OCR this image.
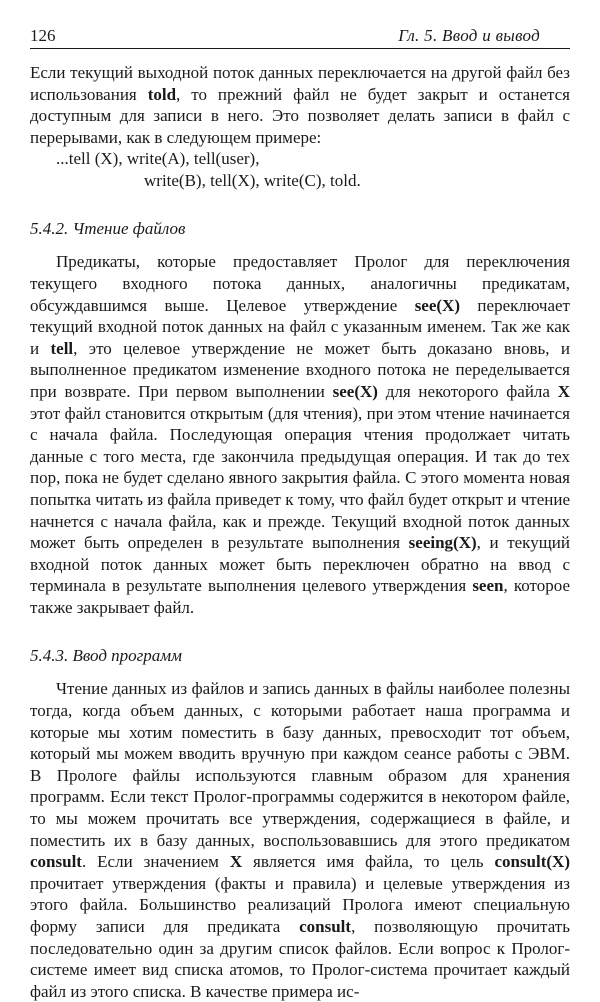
126	Гл. 5. Ввод и вывод

Если текущий выходной поток данных переключается на другой файл без использования told, то прежний файл не будет закрыт и останется доступным для записи в него. Это позволяет делать записи в файл с перерывами, как в следующем примере:

...tell (X), write(A), tell(user),
write(B), tell(X), write(C), told.
5.4.2. Чтение файлов

Предикаты, которые предоставляет Пролог для переключения текущего входного потока данных, аналогичны предикатам, обсуждавшимся выше. Целевое утверждение see(X) переключает текущий входной поток данных на файл с указанным именем. Так же как и tell, это целевое утверждение не может быть доказано вновь, и выполненное предикатом изменение входного потока не переделывается при возврате. При первом выполнении see(X) для некоторого файла X этот файл становится открытым (для чтения), при этом чтение начинается с начала файла. Последующая операция чтения продолжает читать данные с того места, где закончила предыдущая операция. И так до тех пор, пока не будет сделано явного закрытия файла. С этого момента новая попытка читать из файла приведет к тому, что файл будет открыт и чтение начнется с начала файла, как и прежде. Текущий входной поток данных может быть определен в результате выполнения seeing(X), и текущий входной поток данных может быть переключен обратно на ввод с терминала в результате выполнения целевого утверждения seen, которое также закрывает файл.

5.4.3. Ввод программ

Чтение данных из файлов и запись данных в файлы наиболее полезны тогда, когда объем данных, с которыми работает наша программа и которые мы хотим поместить в базу данных, превосходит тот объем, который мы можем вводить вручную при каждом сеансе работы с ЭВМ. В Прологе файлы используются главным образом для хранения программ. Если текст Пролог-программы содержится в некотором файле, то мы можем прочитать все утверждения, содержащиеся в файле, и поместить их в базу данных, воспользовавшись для этого предикатом consult. Если значением X является имя файла, то цель consult(X) прочитает утверждения (факты и правила) и целевые утверждения из этого файла. Большинство реализаций Пролога имеют специальную форму записи для предиката consult, позволяющую прочитать последовательно один за другим список файлов. Если вопрос к Пролог-системе имеет вид списка атомов, то Пролог-система прочитает каждый файл из этого списка. В качестве примера ис-
